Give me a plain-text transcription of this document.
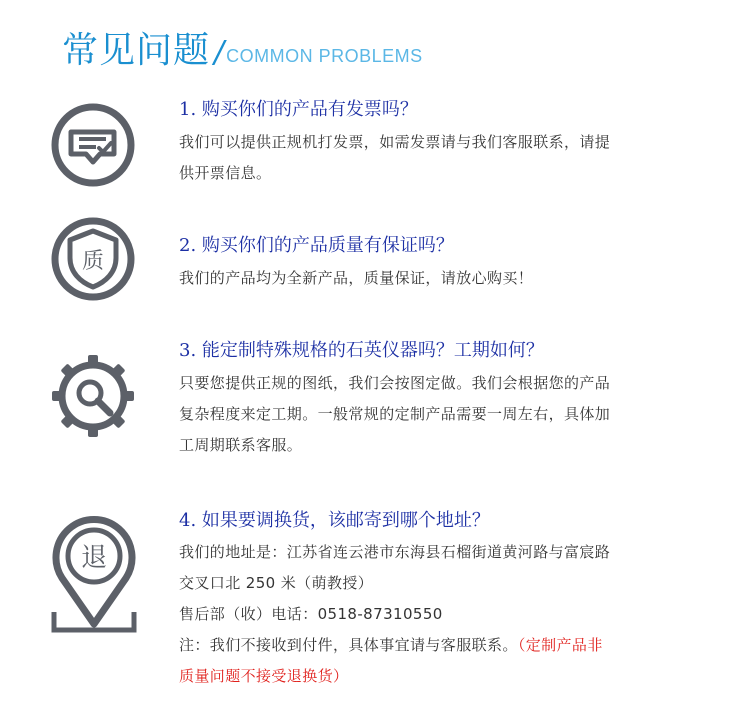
常见问题 / COMMON PROBLEMS
1. 购买你们的产品有发票吗？

我们可以提供正规机打发票，如需发票请与我们客服联系，请提

供开票信息。

质
2. 购买你们的产品质量有保证吗？

我们的产品均为全新产品，质量保证，请放心购买！

3. 能定制特殊规格的石英仪器吗？工期如何？

只要您提供正规的图纸，我们会按图定做。我们会根据您的产品

复杂程度来定工期。一般常规的定制产品需要一周左右，具体加

工周期联系客服。

退
4. 如果要调换货，该邮寄到哪个地址？

我们的地址是：江苏省连云港市东海县石榴街道黄河路与富宸路

交叉口北 250 米（萌教授）

售后部（收）电话：0518-87310550

注：我们不接收到付件，具体事宜请与客服联系。（定制产品非

质量问题不接受退换货）
